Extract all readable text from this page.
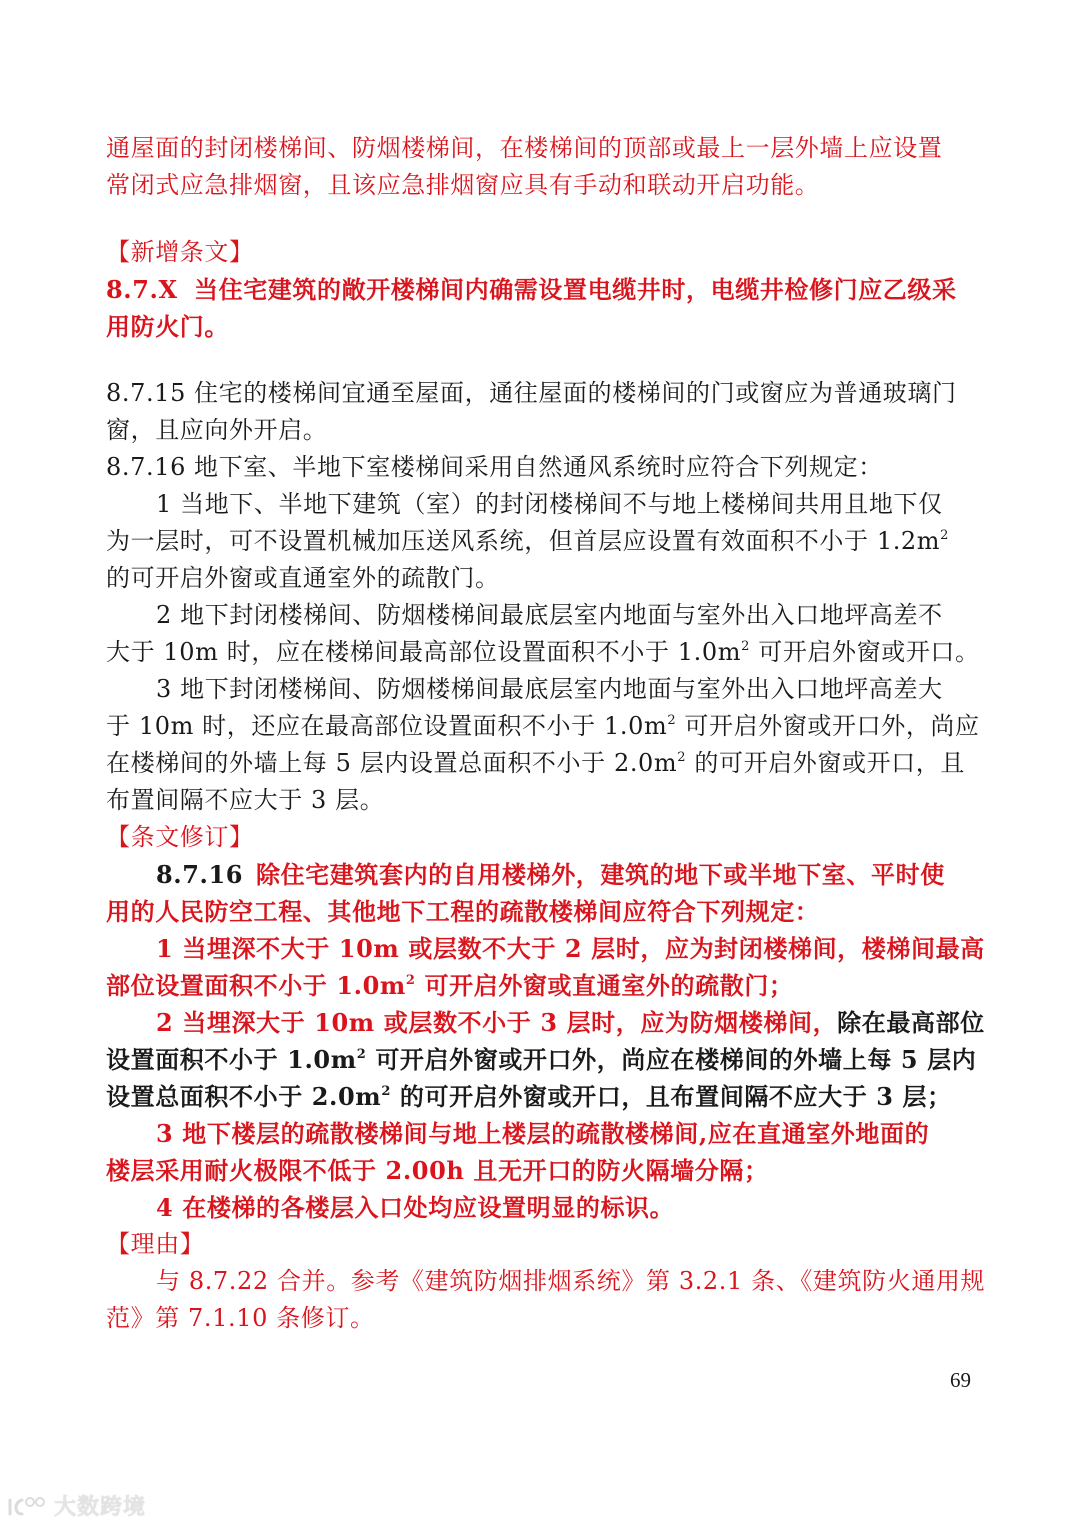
通屋面的封闭楼梯间、防烟楼梯间，在楼梯间的顶部或最上一层外墙上应设置
常闭式应急排烟窗，且该应急排烟窗应具有手动和联动开启功能。
【新增条文】
8.7.X 当住宅建筑的敞开楼梯间内确需设置电缆井时，电缆井检修门应乙级采
用防火门。
8.7.15 住宅的楼梯间宜通至屋面，通往屋面的楼梯间的门或窗应为普通玻璃门
窗，且应向外开启。
8.7.16 地下室、半地下室楼梯间采用自然通风系统时应符合下列规定：
1 当地下、半地下建筑（室）的封闭楼梯间不与地上楼梯间共用且地下仅
为一层时，可不设置机械加压送风系统，但首层应设置有效面积不小于 $1.2m^2$
的可开启外窗或直通室外的疏散门。
2 地下封闭楼梯间、防烟楼梯间最底层室内地面与室外出入口地坪高差不
大于 10m 时，应在楼梯间最高部位设置面积不小于 $1.0m^2$ 可开启外窗或开口。
3 地下封闭楼梯间、防烟楼梯间最底层室内地面与室外出入口地坪高差大
于 10m 时，还应在最高部位设置面积不小于 $1.0m^2$ 可开启外窗或开口外，尚应
在楼梯间的外墙上每 5 层内设置总面积不小于 $2.0m^2$ 的可开启外窗或开口，且
布置间隔不应大于 3 层。
【条文修订】
8.7.16 除住宅建筑套内的自用楼梯外，建筑的地下或半地下室、平时使
用的人民防空工程、其他地下工程的疏散楼梯间应符合下列规定：
1 当埋深不大于 10m 或层数不大于 2 层时，应为封闭楼梯间，楼梯间最高
部位设置面积不小于 $1.0m^2$ 可开启外窗或直通室外的疏散门；
2 当埋深大于 10m 或层数不小于 3 层时，应为防烟楼梯间，除在最高部位
设置面积不小于 $1.0m^2$ 可开启外窗或开口外，尚应在楼梯间的外墙上每 5 层内
设置总面积不小于 $2.0m^2$ 的可开启外窗或开口，且布置间隔不应大于 3 层；
3 地下楼层的疏散楼梯间与地上楼层的疏散楼梯间,应在直通室外地面的
楼层采用耐火极限不低于 2.00h 且无开口的防火隔墙分隔；
4 在楼梯的各楼层入口处均应设置明显的标识。
【理由】
与 8.7.22 合并。参考《建筑防烟排烟系统》第 3.2.1 条、《建筑防火通用规
范》第 7.1.10 条修订。
69
大数跨境
